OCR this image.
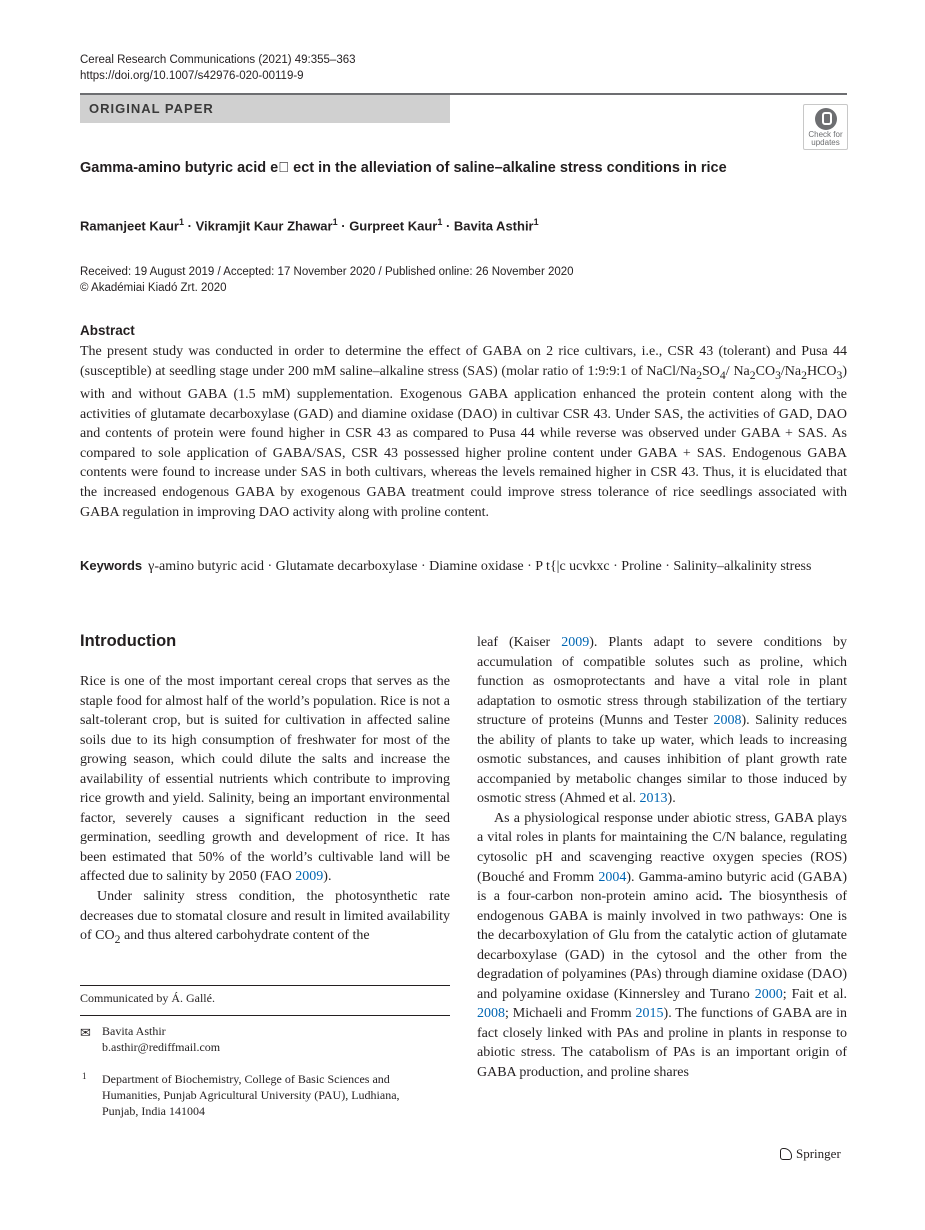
Cereal Research Communications (2021) 49:355–363
https://doi.org/10.1007/s42976-020-00119-9
ORIGINAL PAPER
Check for
updates
Gamma-amino butyric acid e  ect in the alleviation of saline–alkaline stress conditions in rice
Ramanjeet Kaur$^1$ · Vikramjit Kaur Zhawar$^1$ · Gurpreet Kaur$^1$ · Bavita Asthir$^1$
Received: 19 August 2019 / Accepted: 17 November 2020 / Published online: 26 November 2020
© Akadémiai Kiadó Zrt. 2020
Abstract
The present study was conducted in order to determine the effect of GABA on 2 rice cultivars, i.e., CSR 43 (tolerant) and Pusa 44 (susceptible) at seedling stage under 200 mM saline–alkaline stress (SAS) (molar ratio of 1:9:9:1 of NaCl/$Na_2SO_4/$ $Na_2CO_3/Na_2HCO_3$) with and without GABA (1.5 mM) supplementation. Exogenous GABA application enhanced the protein content along with the activities of glutamate decarboxylase (GAD) and diamine oxidase (DAO) in cultivar CSR 43. Under SAS, the activities of GAD, DAO and contents of protein were found higher in CSR 43 as compared to Pusa 44 while reverse was observed under GABA + SAS. As compared to sole application of GABA/SAS, CSR 43 possessed higher proline content under GABA + SAS. Endogenous GABA contents were found to increase under SAS in both cultivars, whereas the levels remained higher in CSR 43. Thus, it is elucidated that the increased endogenous GABA by exogenous GABA treatment could improve stress tolerance of rice seedlings associated with GABA regulation in improving DAO activity along with proline content.
Keywords γ-amino butyric acid · Glutamate decarboxylase · Diamine oxidase · P t{|c ucvkxc · Proline · Salinity–alkalinity stress
Introduction

Rice is one of the most important cereal crops that serves as the staple food for almost half of the world’s population. Rice is not a salt-tolerant crop, but is suited for cultivation in affected saline soils due to its high consumption of freshwater for most of the growing season, which could dilute the salts and increase the availability of essential nutrients which contribute to improving rice growth and yield. Salinity, being an important environmental factor, severely causes a significant reduction in the seed germination, seedling growth and development of rice. It has been estimated that 50% of the world’s cultivable land will be affected due to salinity by 2050 (FAO 2009).

Under salinity stress condition, the photosynthetic rate decreases due to stomatal closure and result in limited availability of $CO_2$ and thus altered carbohydrate content of the

leaf (Kaiser 2009). Plants adapt to severe conditions by accumulation of compatible solutes such as proline, which function as osmoprotectants and have a vital role in plant adaptation to osmotic stress through stabilization of the tertiary structure of proteins (Munns and Tester 2008). Salinity reduces the ability of plants to take up water, which leads to increasing osmotic substances, and causes inhibition of plant growth rate accompanied by metabolic changes similar to those induced by osmotic stress (Ahmed et al. 2013).

As a physiological response under abiotic stress, GABA plays a vital roles in plants for maintaining the C/N balance, regulating cytosolic pH and scavenging reactive oxygen species (ROS) (Bouché and Fromm 2004). Gamma-amino butyric acid (GABA) is a four-carbon non-protein amino acid. The biosynthesis of endogenous GABA is mainly involved in two pathways: One is the decarboxylation of Glu from the catalytic action of glutamate decarboxylase (GAD) in the cytosol and the other from the degradation of polyamines (PAs) through diamine oxidase (DAO) and polyamine oxidase (Kinnersley and Turano 2000; Fait et al. 2008; Michaeli and Fromm 2015). The functions of GABA are in fact closely linked with PAs and proline in plants in response to abiotic stress. The catabolism of PAs is an important origin of GABA production, and proline shares

Communicated by Á. Gallé.
✉ Bavita Asthir
b.asthir@rediffmail.com
1 Department of Biochemistry, College of Basic Sciences and Humanities, Punjab Agricultural University (PAU), Ludhiana, Punjab, India 141004
Springer
